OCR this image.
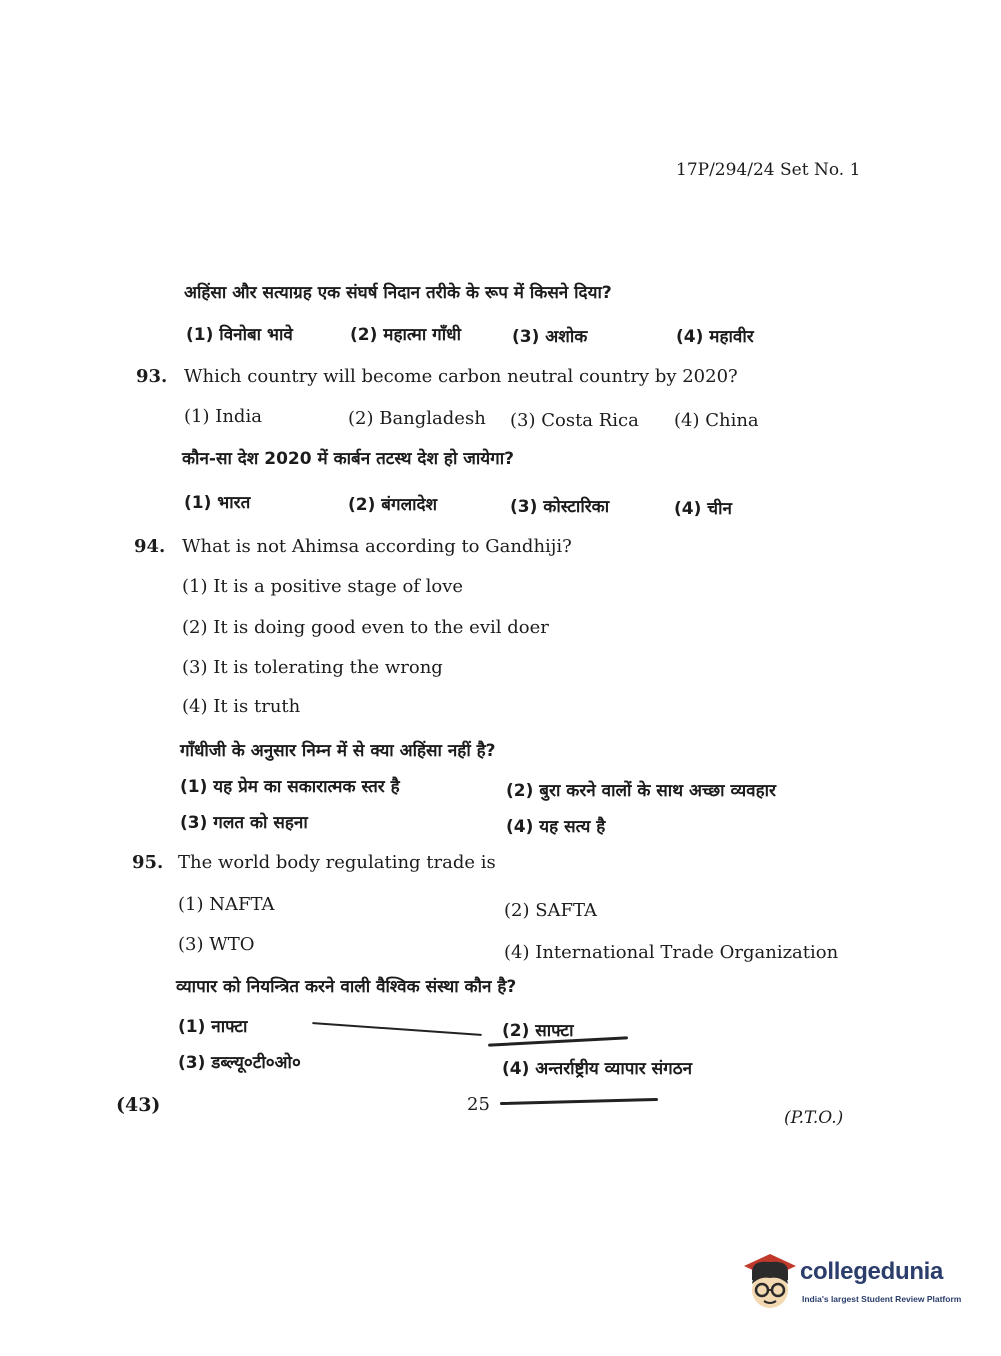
17P/294/24 Set No. 1
अहिंसा और सत्याग्रह एक संघर्ष निदान तरीके के रूप में किसने दिया?
(1) विनोबा भावे	(2) महात्मा गाँधी	(3) अशोक	(4) महावीर
93. Which country will become carbon neutral country by 2020?
(1) India	(2) Bangladesh (3) Costa Rica (4) China
कौन-सा देश 2020 में कार्बन तटस्थ देश हो जायेगा?
(1) भारत	(2) बंगलादेश	(3) कोस्टारिका	(4) चीन
94. What is not Ahimsa according to Gandhiji?
(1) It is a positive stage of love
(2) It is doing good even to the evil doer
(3) It is tolerating the wrong
(4) It is truth
गाँधीजी के अनुसार निम्न में से क्या अहिंसा नहीं है?
(1) यह प्रेम का सकारात्मक स्तर है	(2) बुरा करने वालों के साथ अच्छा व्यवहार
(3) गलत को सहना	(4) यह सत्य है
95. The world body regulating trade is
(1) NAFTA	(2) SAFTA
(3) WTO	(4) International Trade Organization
व्यापार को नियन्त्रित करने वाली वैश्विक संस्था कौन है?
(1) नाफ्टा	(2) साफ्टा
(3) डब्ल्यू०टी०ओ०	(4) अन्तर्राष्ट्रीय व्यापार संगठन
(43)	25
(P.T.O.)
collegedunia
India's largest Student Review Platform
